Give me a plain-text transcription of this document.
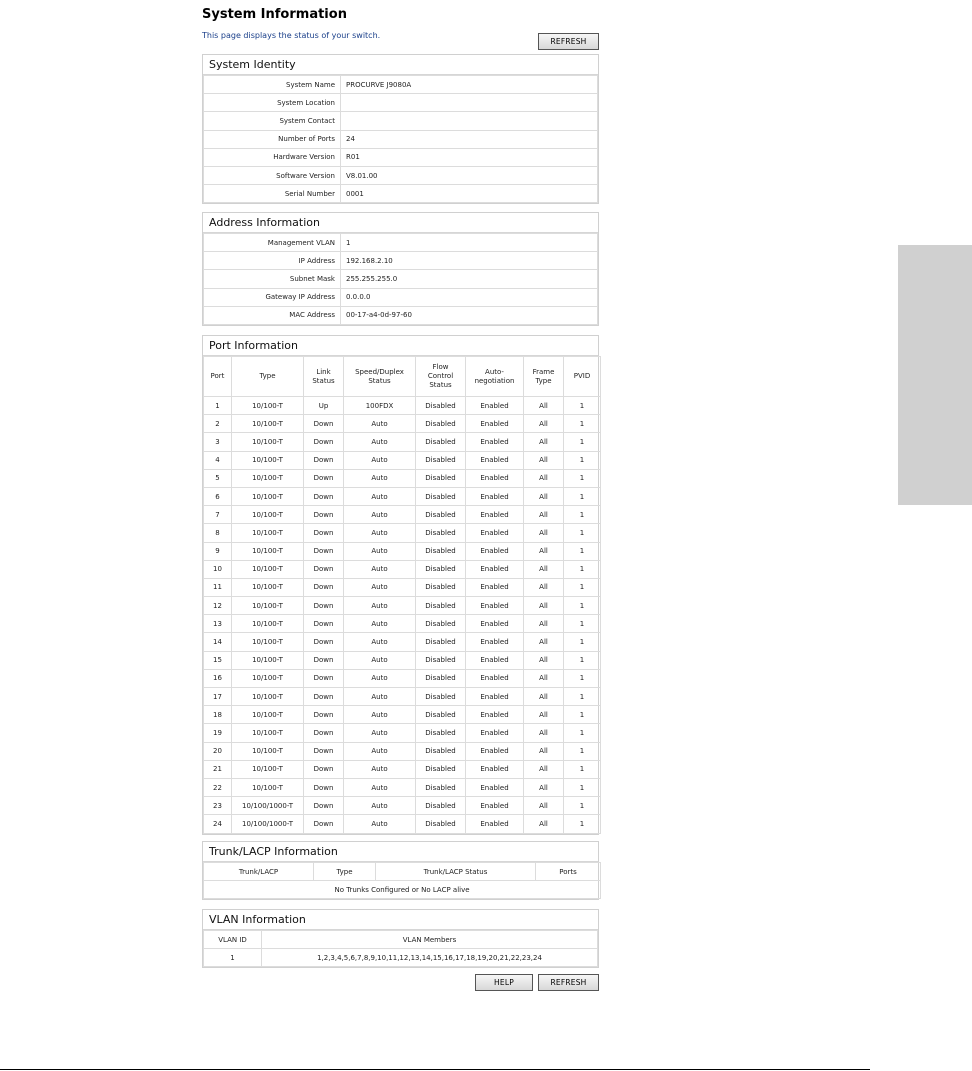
System Information
This page displays the status of your switch.
REFRESH
System Identity
System Name	PROCURVE J9080A
System Location	
System Contact	
Number of Ports	24
Hardware Version	R01
Software Version	V8.01.00
Serial Number	0001
Address Information
Management VLAN	1
IP Address	192.168.2.10
Subnet Mask	255.255.255.0
Gateway IP Address	0.0.0.0
MAC Address	00-17-a4-0d-97-60
Port Information
Port	Type	Link Status	Speed/Duplex Status	Flow Control Status	Auto-negotiation	Frame Type	PVID
1	10/100-T	Up	100FDX	Disabled	Enabled	All	1
2	10/100-T	Down	Auto	Disabled	Enabled	All	1
3	10/100-T	Down	Auto	Disabled	Enabled	All	1
4	10/100-T	Down	Auto	Disabled	Enabled	All	1
5	10/100-T	Down	Auto	Disabled	Enabled	All	1
6	10/100-T	Down	Auto	Disabled	Enabled	All	1
7	10/100-T	Down	Auto	Disabled	Enabled	All	1
8	10/100-T	Down	Auto	Disabled	Enabled	All	1
9	10/100-T	Down	Auto	Disabled	Enabled	All	1
10	10/100-T	Down	Auto	Disabled	Enabled	All	1
11	10/100-T	Down	Auto	Disabled	Enabled	All	1
12	10/100-T	Down	Auto	Disabled	Enabled	All	1
13	10/100-T	Down	Auto	Disabled	Enabled	All	1
14	10/100-T	Down	Auto	Disabled	Enabled	All	1
15	10/100-T	Down	Auto	Disabled	Enabled	All	1
16	10/100-T	Down	Auto	Disabled	Enabled	All	1
17	10/100-T	Down	Auto	Disabled	Enabled	All	1
18	10/100-T	Down	Auto	Disabled	Enabled	All	1
19	10/100-T	Down	Auto	Disabled	Enabled	All	1
20	10/100-T	Down	Auto	Disabled	Enabled	All	1
21	10/100-T	Down	Auto	Disabled	Enabled	All	1
22	10/100-T	Down	Auto	Disabled	Enabled	All	1
23	10/100/1000-T	Down	Auto	Disabled	Enabled	All	1
24	10/100/1000-T	Down	Auto	Disabled	Enabled	All	1
Trunk/LACP Information
Trunk/LACP	Type	Trunk/LACP Status	Ports
No Trunks Configured or No LACP alive
VLAN Information
VLAN ID	VLAN Members
1	1,2,3,4,5,6,7,8,9,10,11,12,13,14,15,16,17,18,19,20,21,22,23,24
HELP	REFRESH
